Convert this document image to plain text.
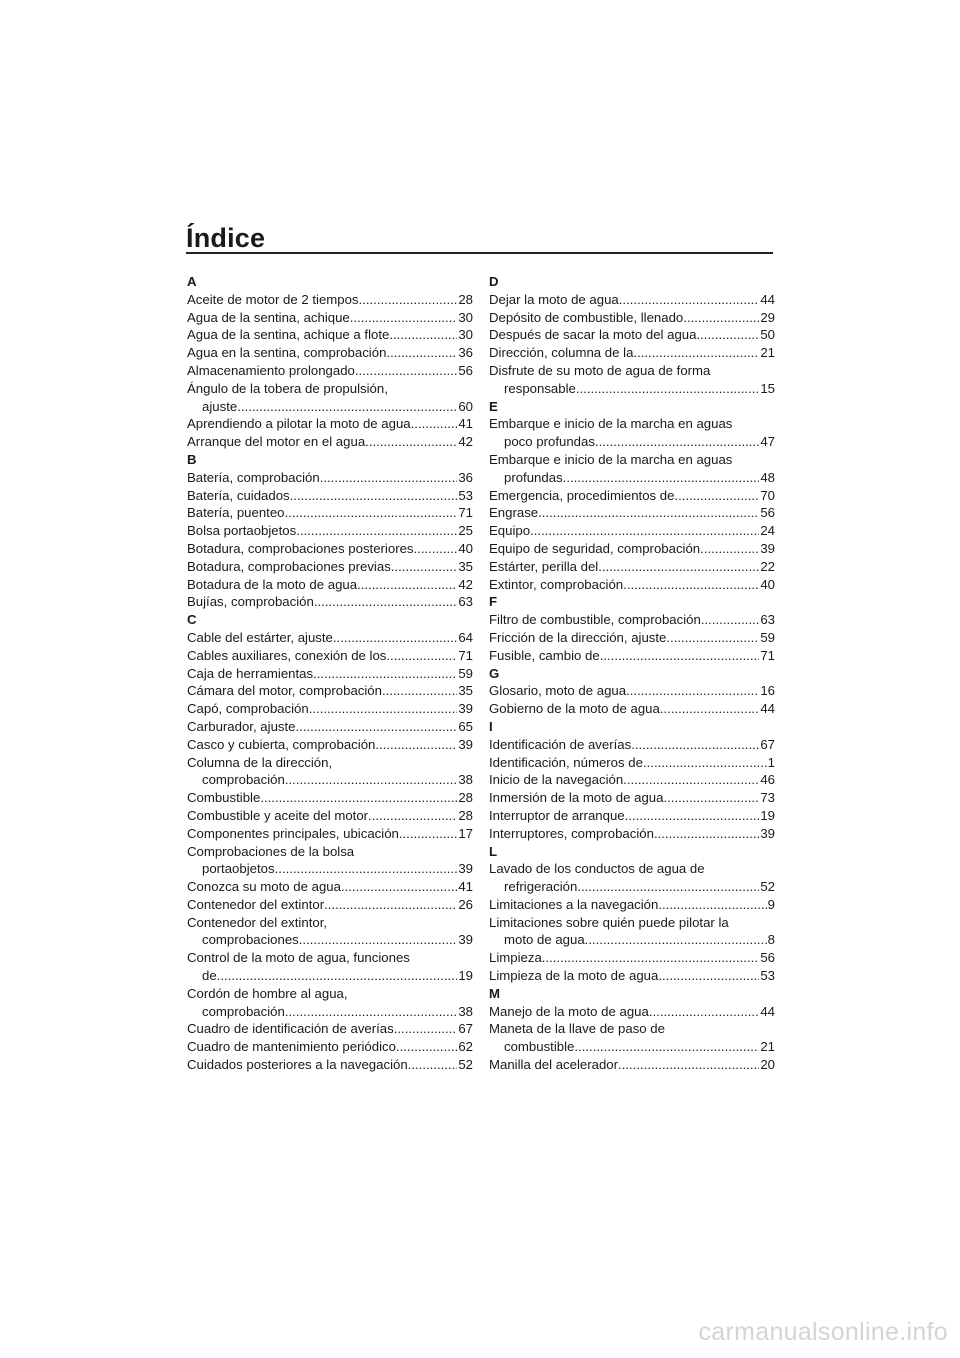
Índice
A
Aceite de motor de 2 tiempos .....	28
Agua de la sentina, achique .....	30
Agua de la sentina, achique a flote .....	30
Agua en la sentina, comprobación .....	36
Almacenamiento prolongado .....	56
Ángulo de la tobera de propulsión,
ajuste .....	60
Aprendiendo a pilotar la moto de agua .....	41
Arranque del motor en el agua .....	42
B
Batería, comprobación .....	36
Batería, cuidados .....	53
Batería, puenteo .....	71
Bolsa portaobjetos .....	25
Botadura, comprobaciones posteriores .....	40
Botadura, comprobaciones previas .....	35
Botadura de la moto de agua .....	42
Bujías, comprobación .....	63
C
Cable del estárter, ajuste .....	64
Cables auxiliares, conexión de los .....	71
Caja de herramientas .....	59
Cámara del motor, comprobación .....	35
Capó, comprobación .....	39
Carburador, ajuste .....	65
Casco y cubierta, comprobación .....	39
Columna de la dirección,
comprobación .....	38
Combustible .....	28
Combustible y aceite del motor .....	28
Componentes principales, ubicación .....	17
Comprobaciones de la bolsa
portaobjetos .....	39
Conozca su moto de agua .....	41
Contenedor del extintor .....	26
Contenedor del extintor,
comprobaciones .....	39
Control de la moto de agua, funciones
de .....	19
Cordón de hombre al agua,
comprobación .....	38
Cuadro de identificación de averías .....	67
Cuadro de mantenimiento periódico .....	62
Cuidados posteriores a la navegación .....	52
D
Dejar la moto de agua .....	44
Depósito de combustible, llenado .....	29
Después de sacar la moto del agua .....	50
Dirección, columna de la .....	21
Disfrute de su moto de agua de forma
responsable .....	15
E
Embarque e inicio de la marcha en aguas
poco profundas .....	47
Embarque e inicio de la marcha en aguas
profundas .....	48
Emergencia, procedimientos de .....	70
Engrase .....	56
Equipo .....	24
Equipo de seguridad, comprobación .....	39
Estárter, perilla del .....	22
Extintor, comprobación .....	40
F
Filtro de combustible, comprobación .....	63
Fricción de la dirección, ajuste .....	59
Fusible, cambio de .....	71
G
Glosario, moto de agua .....	16
Gobierno de la moto de agua .....	44
I
Identificación de averías .....	67
Identificación, números de .....	1
Inicio de la navegación .....	46
Inmersión de la moto de agua .....	73
Interruptor de arranque .....	19
Interruptores, comprobación .....	39
L
Lavado de los conductos de agua de
refrigeración .....	52
Limitaciones a la navegación .....	9
Limitaciones sobre quién puede pilotar la
moto de agua .....	8
Limpieza .....	56
Limpieza de la moto de agua .....	53
M
Manejo de la moto de agua .....	44
Maneta de la llave de paso de
combustible .....	21
Manilla del acelerador .....	20
carmanualsonline.info
